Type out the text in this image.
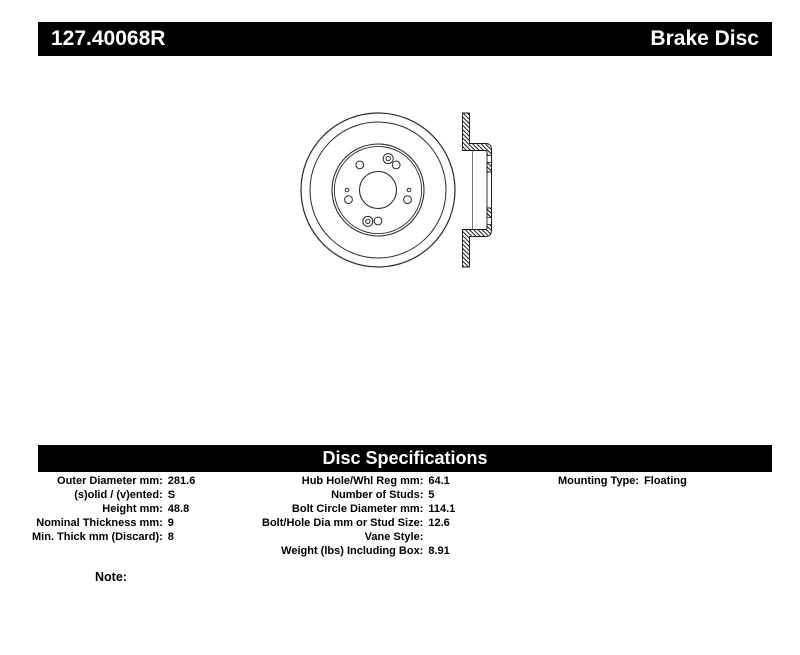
127.40068R	Brake Disc
Disc Specifications
Outer Diameter mm:	281.6
(s)olid / (v)ented:	S
Height mm:	48.8
Nominal Thickness mm:	9
Min. Thick mm (Discard):	8
Hub Hole/Whl Reg mm:	64.1
Number of Studs:	5
Bolt Circle Diameter mm:	114.1
Bolt/Hole Dia mm or Stud Size:	12.6
Vane Style:	
Weight (lbs) Including Box:	8.91
Mounting Type:	Floating
Note:
